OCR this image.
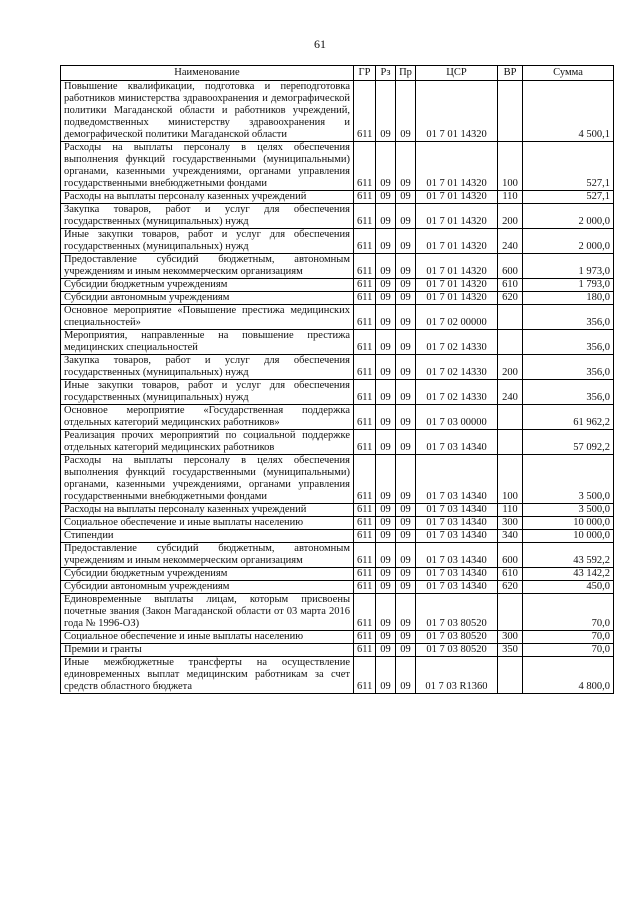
61
Наименование	ГР	Рз	Пр	ЦСР	ВР	Сумма
Повышение квалификации, подготовка и переподготовка работников министерства здравоохранения и демографической политики Магаданской области и работников учреждений, подведомственных министерству здравоохранения и демографической политики Магаданской области	611	09	09	01 7 01 14320		4 500,1
Расходы на выплаты персоналу в целях обеспечения выполнения функций государственными (муниципальными) органами, казенными учреждениями, органами управления государственными внебюджетными фондами	611	09	09	01 7 01 14320	100	527,1
Расходы на выплаты персоналу казенных учреждений	611	09	09	01 7 01 14320	110	527,1
Закупка товаров, работ и услуг для обеспечения государственных (муниципальных) нужд	611	09	09	01 7 01 14320	200	2 000,0
Иные закупки товаров, работ и услуг для обеспечения государственных (муниципальных) нужд	611	09	09	01 7 01 14320	240	2 000,0
Предоставление субсидий бюджетным, автономным учреждениям и иным некоммерческим организациям	611	09	09	01 7 01 14320	600	1 973,0
Субсидии бюджетным учреждениям	611	09	09	01 7 01 14320	610	1 793,0
Субсидии автономным учреждениям	611	09	09	01 7 01 14320	620	180,0
Основное мероприятие «Повышение престижа медицинских специальностей»	611	09	09	01 7 02 00000		356,0
Мероприятия, направленные на повышение престижа медицинских специальностей	611	09	09	01 7 02 14330		356,0
Закупка товаров, работ и услуг для обеспечения государственных (муниципальных) нужд	611	09	09	01 7 02 14330	200	356,0
Иные закупки товаров, работ и услуг для обеспечения государственных (муниципальных) нужд	611	09	09	01 7 02 14330	240	356,0
Основное мероприятие «Государственная поддержка отдельных категорий медицинских работников»	611	09	09	01 7 03 00000		61 962,2
Реализация прочих мероприятий по социальной поддержке отдельных категорий медицинских работников	611	09	09	01 7 03 14340		57 092,2
Расходы на выплаты персоналу в целях обеспечения выполнения функций государственными (муниципальными) органами, казенными учреждениями, органами управления государственными внебюджетными фондами	611	09	09	01 7 03 14340	100	3 500,0
Расходы на выплаты персоналу казенных учреждений	611	09	09	01 7 03 14340	110	3 500,0
Социальное обеспечение и иные выплаты населению	611	09	09	01 7 03 14340	300	10 000,0
Стипендии	611	09	09	01 7 03 14340	340	10 000,0
Предоставление субсидий бюджетным, автономным учреждениям и иным некоммерческим организациям	611	09	09	01 7 03 14340	600	43 592,2
Субсидии бюджетным учреждениям	611	09	09	01 7 03 14340	610	43 142,2
Субсидии автономным учреждениям	611	09	09	01 7 03 14340	620	450,0
Единовременные выплаты лицам, которым присвоены почетные звания (Закон Магаданской области от 03 марта 2016 года № 1996-ОЗ)	611	09	09	01 7 03 80520		70,0
Социальное обеспечение и иные выплаты населению	611	09	09	01 7 03 80520	300	70,0
Премии и гранты	611	09	09	01 7 03 80520	350	70,0
Иные межбюджетные трансферты на осуществление единовременных выплат медицинским работникам за счет средств областного бюджета	611	09	09	01 7 03 R1360		4 800,0
